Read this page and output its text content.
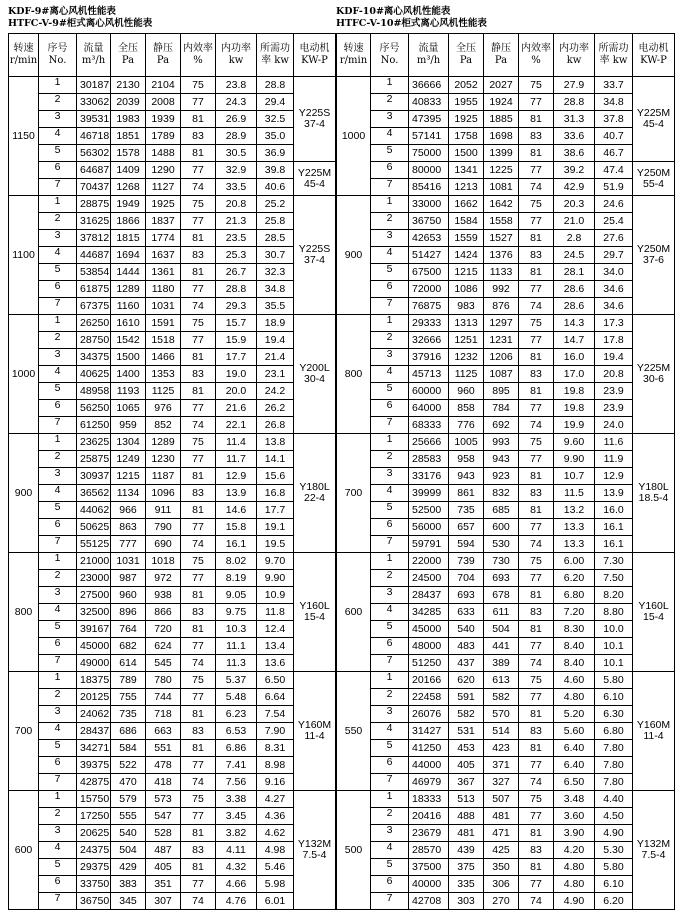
KDF-9#离心风机性能表
HTFC-V-9#柜式离心风机性能表
转速 r/min	序号 No.	流量 m³/h	全压 Pa	静压 Pa	内效率 %	内功率 kw	所需功率 kw	电动机 KW-P
1150	1	30187	2130	2104	75	23.8	28.8	Y225S 37-4
	2	33062	2039	2008	77	24.3	29.4	
	3	39531	1983	1939	81	26.9	32.5	
	4	46718	1851	1789	83	28.9	35.0	
	5	56302	1578	1488	81	30.5	36.9	
	6	64687	1409	1290	77	32.9	39.8	Y225M 45-4
	7	70437	1268	1127	74	33.5	40.6	
1100	1	28875	1949	1925	75	20.8	25.2	Y225S 37-4
	2	31625	1866	1837	77	21.3	25.8	
	3	37812	1815	1774	81	23.5	28.5	
	4	44687	1694	1637	83	25.3	30.7	
	5	53854	1444	1361	81	26.7	32.3	
	6	61875	1289	1180	77	28.8	34.8	
	7	67375	1160	1031	74	29.3	35.5	
1000	1	26250	1610	1591	75	15.7	18.9	Y200L 30-4
	2	28750	1542	1518	77	15.9	19.4	
	3	34375	1500	1466	81	17.7	21.4	
	4	40625	1400	1353	83	19.0	23.1	
	5	48958	1193	1125	81	20.0	24.2	
	6	56250	1065	976	77	21.6	26.2	
	7	61250	959	852	74	22.1	26.8	
900	1	23625	1304	1289	75	11.4	13.8	Y180L 22-4
	2	25875	1249	1230	77	11.7	14.1	
	3	30937	1215	1187	81	12.9	15.6	
	4	36562	1134	1096	83	13.9	16.8	
	5	44062	966	911	81	14.6	17.7	
	6	50625	863	790	77	15.8	19.1	
	7	55125	777	690	74	16.1	19.5	
800	1	21000	1031	1018	75	8.02	9.70	Y160L 15-4
	2	23000	987	972	77	8.19	9.90	
	3	27500	960	938	81	9.05	10.9	
	4	32500	896	866	83	9.75	11.8	
	5	39167	764	720	81	10.3	12.4	
	6	45000	682	624	77	11.1	13.4	
	7	49000	614	545	74	11.3	13.6	
700	1	18375	789	780	75	5.37	6.50	Y160M 11-4
	2	20125	755	744	77	5.48	6.64	
	3	24062	735	718	81	6.23	7.54	
	4	28437	686	663	83	6.53	7.90	
	5	34271	584	551	81	6.86	8.31	
	6	39375	522	478	77	7.41	8.98	
	7	42875	470	418	74	7.56	9.16	
600	1	15750	579	573	75	3.38	4.27	Y132M 7.5-4
	2	17250	555	547	77	3.45	4.36	
	3	20625	540	528	81	3.82	4.62	
	4	24375	504	487	83	4.11	4.98	
	5	29375	429	405	81	4.32	5.46	
	6	33750	383	351	77	4.66	5.98	
	7	36750	345	307	74	4.76	6.01	
KDF-10#离心风机性能表
HTFC-V-10#柜式离心风机性能表
转速 r/min	序号 No.	流量 m³/h	全压 Pa	静压 Pa	内效率 %	内功率 kw	所需功率 kw	电动机 KW-P
1000	1	36666	2052	2027	75	27.9	33.7	Y225M 45-4
	2	40833	1955	1924	77	28.8	34.8	
	3	47395	1925	1885	81	31.3	37.8	
	4	57141	1758	1698	83	33.6	40.7	
	5	75000	1500	1399	81	38.6	46.7	
	6	80000	1341	1225	77	39.2	47.4	Y250M 55-4
	7	85416	1213	1081	74	42.9	51.9	
900	1	33000	1662	1642	75	20.3	24.6	Y250M 37-6
	2	36750	1584	1558	77	21.0	25.4	
	3	42653	1559	1527	81	2.8	27.6	
	4	51427	1424	1376	83	24.5	29.7	
	5	67500	1215	1133	81	28.1	34.0	
	6	72000	1086	992	77	28.6	34.6	
	7	76875	983	876	74	28.6	34.6	
800	1	29333	1313	1297	75	14.3	17.3	Y225M 30-6
	2	32666	1251	1231	77	14.7	17.8	
	3	37916	1232	1206	81	16.0	19.4	
	4	45713	1125	1087	83	17.0	20.8	
	5	60000	960	895	81	19.8	23.9	
	6	64000	858	784	77	19.8	23.9	
	7	68333	776	692	74	19.9	24.0	
700	1	25666	1005	993	75	9.60	11.6	Y180L 18.5-4
	2	28583	958	943	77	9.90	11.9	
	3	33176	943	923	81	10.7	12.9	
	4	39999	861	832	83	11.5	13.9	
	5	52500	735	685	81	13.2	16.0	
	6	56000	657	600	77	13.3	16.1	
	7	59791	594	530	74	13.3	16.1	
600	1	22000	739	730	75	6.00	7.30	Y160L 15-4
	2	24500	704	693	77	6.20	7.50	
	3	28437	693	678	81	6.80	8.20	
	4	34285	633	611	83	7.20	8.80	
	5	45000	540	504	81	8.30	10.0	
	6	48000	483	441	77	8.40	10.1	
	7	51250	437	389	74	8.40	10.1	
550	1	20166	620	613	75	4.60	5.80	Y160M 11-4
	2	22458	591	582	77	4.80	6.10	
	3	26076	582	570	81	5.20	6.30	
	4	31427	531	514	83	5.60	6.80	
	5	41250	453	423	81	6.40	7.80	
	6	44000	405	371	77	6.40	7.80	
	7	46979	367	327	74	6.50	7.80	
500	1	18333	513	507	75	3.48	4.40	Y132M 7.5-4
	2	20416	488	481	77	3.60	4.50	
	3	23679	481	471	81	3.90	4.90	
	4	28570	439	425	83	4.20	5.30	
	5	37500	375	350	81	4.80	5.80	
	6	40000	335	306	77	4.80	6.10	
	7	42708	303	270	74	4.90	6.20	
